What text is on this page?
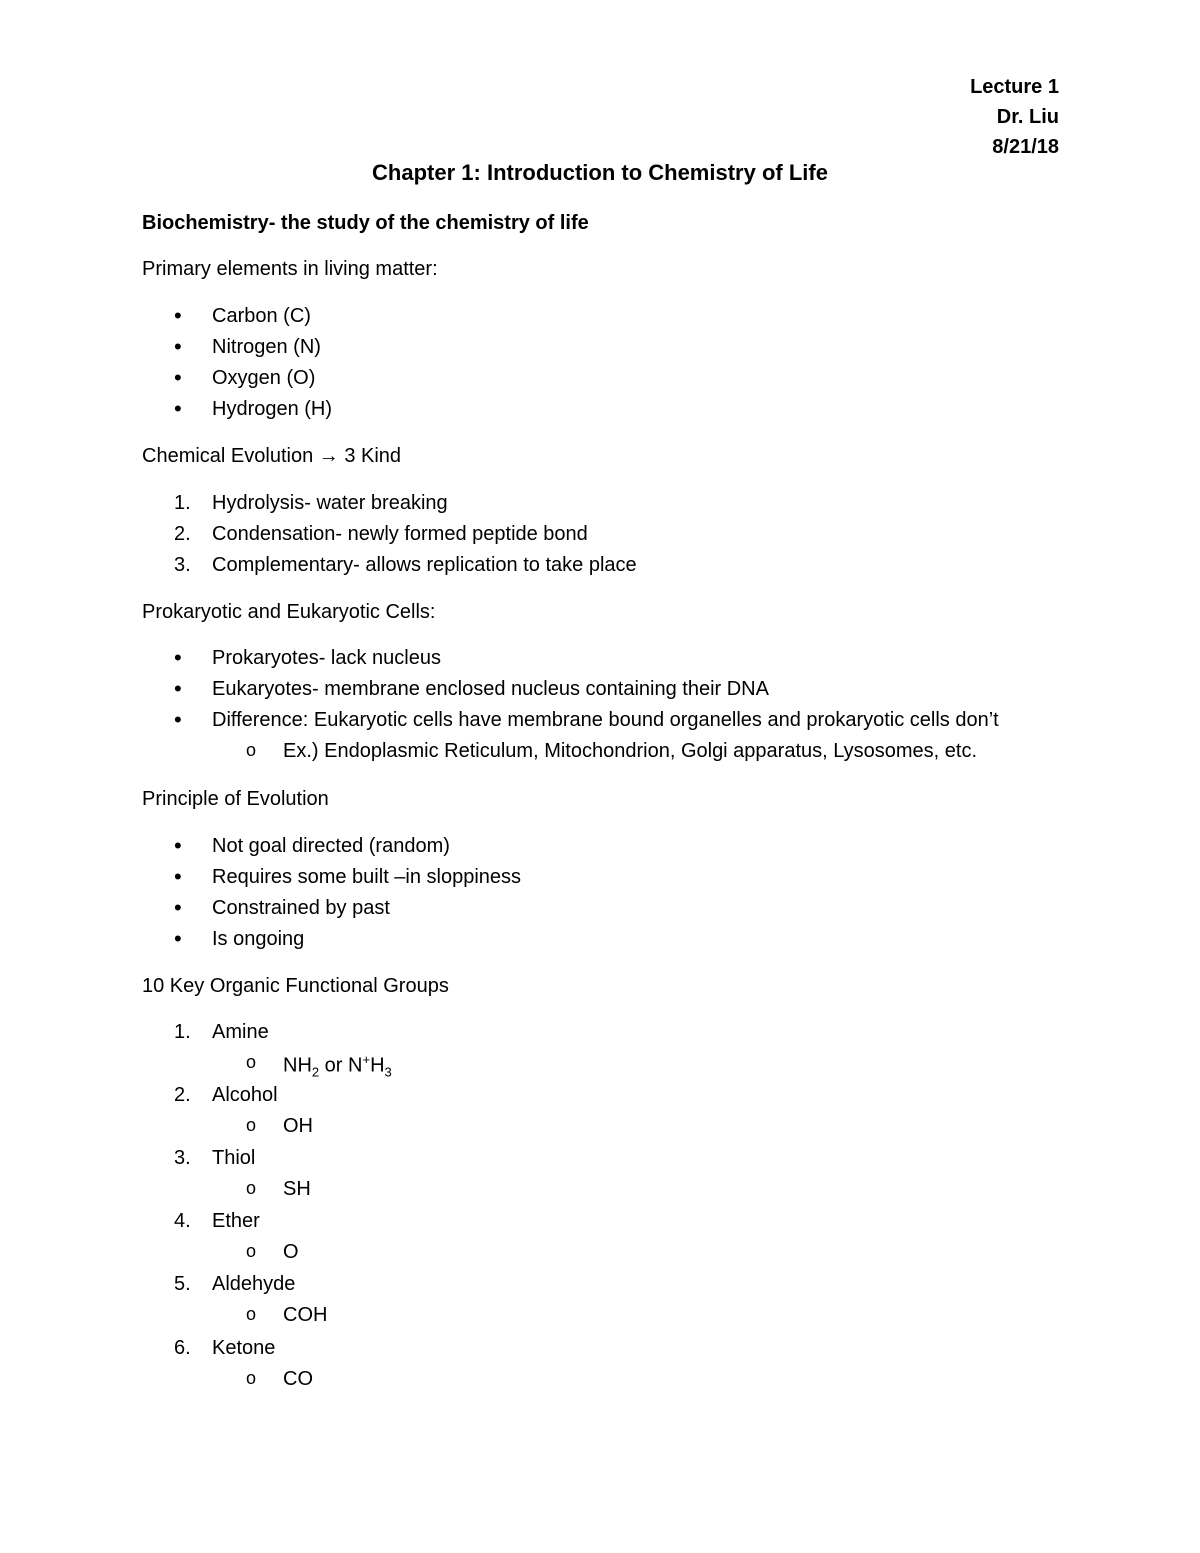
Lecture 1
Dr. Liu
8/21/18
Chapter 1: Introduction to Chemistry of Life
Biochemistry- the study of the chemistry of life
Primary elements in living matter:
•	Carbon (C)
•	Nitrogen (N)
•	Oxygen (O)
•	Hydrogen (H)
Chemical Evolution → 3 Kind
1.	Hydrolysis- water breaking
2.	Condensation- newly formed peptide bond
3.	Complementary- allows replication to take place
Prokaryotic and Eukaryotic Cells:
•	Prokaryotes- lack nucleus
•	Eukaryotes- membrane enclosed nucleus containing their DNA
•	Difference: Eukaryotic cells have membrane bound organelles and prokaryotic cells don’t
o	Ex.) Endoplasmic Reticulum, Mitochondrion, Golgi apparatus, Lysosomes, etc.
Principle of Evolution
•	Not goal directed (random)
•	Requires some built –in sloppiness
•	Constrained by past
•	Is ongoing
10 Key Organic Functional Groups
1.	Amine
o	$NH_2$ or $N^+H_3$
2.	Alcohol
o	OH
3.	Thiol
o	SH
4.	Ether
o	O
5.	Aldehyde
o	COH
6.	Ketone
o	CO
